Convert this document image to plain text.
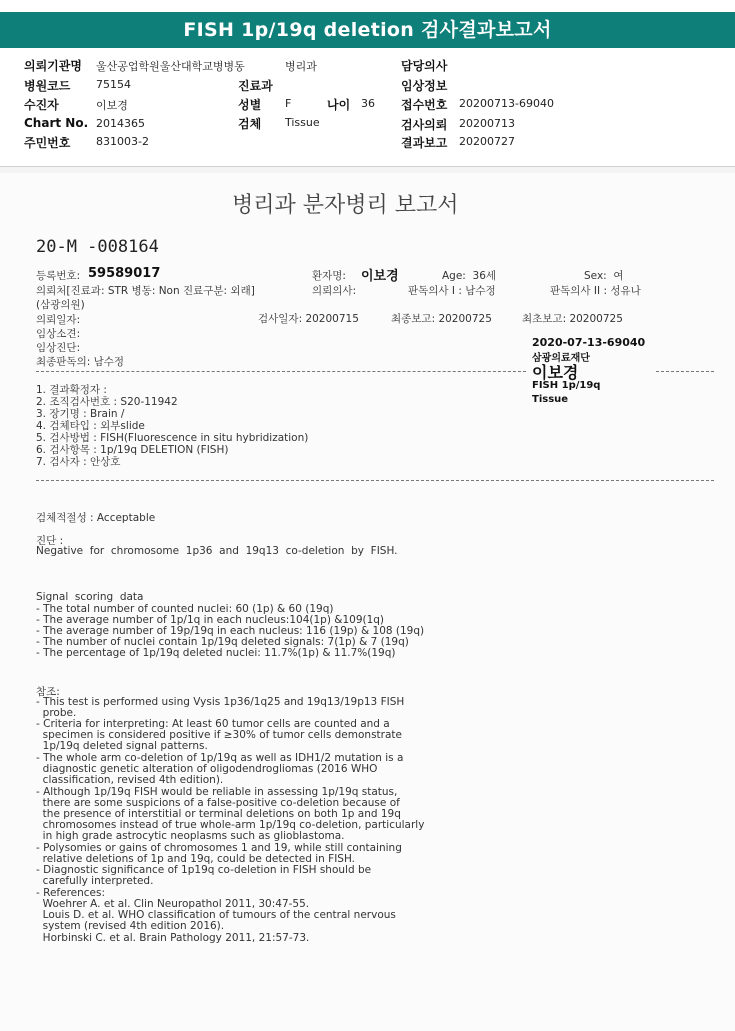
FISH 1p/19q deletion 검사결과보고서
의뢰기관명 울산공업학원울산대학교병병동	병리과	담당의사
병원코드 75154	진료과	임상정보
수진자	이보경	성별 F	나이 36 접수번호 20200713-69040
Chart No. 2014365	검체 Tissue	검사의뢰 20200713
주민번호 831003-2	결과보고 20200727
병리과 분자병리 보고서
20-M -008164
등록번호: 59589017	환자명: 이보경	Age:  36세	Sex:  여
의뢰처[진료과: STR 병동: Non 진료구분: 외래]	의뢰의사:	판독의사 I : 남수정	판독의사 II : 성유나
(삼광의원)
의뢰일자:	검사일자: 20200715	최종보고: 20200725	최초보고: 20200725
임상소견:
임상진단:
최종판독의: 남수정
2020-07-13-69040
삼광의료재단
이보경
FISH 1p/19q
Tissue
1. 결과확정자 :
2. 조직검사번호 : S20-11942
3. 장기명 : Brain /
4. 검체타입 : 외부slide
5. 검사방법 : FISH(Fluorescence in situ hybridization)
6. 검사항목 : 1p/19q DELETION (FISH)
7. 검사자 : 안상호
검체적절성 : Acceptable
진단 :
Negative  for  chromosome  1p36  and  19q13  co-deletion  by  FISH.
Signal  scoring  data
- The total number of counted nuclei: 60 (1p) & 60 (19q)
- The average number of 1p/1q in each nucleus:104(1p) &109(1q)
- The average number of 19p/19q in each nucleus: 116 (19p) & 108 (19q)
- The number of nuclei contain 1p/19q deleted signals: 7(1p) & 7 (19q)
- The percentage of 1p/19q deleted nuclei: 11.7%(1p) & 11.7%(19q)
참조:
- This test is performed using Vysis 1p36/1q25 and 19q13/19p13 FISH
probe.
- Criteria for interpreting: At least 60 tumor cells are counted and a
specimen is considered positive if ≥30% of tumor cells demonstrate
1p/19q deleted signal patterns.
- The whole arm co-deletion of 1p/19q as well as IDH1/2 mutation is a
diagnostic genetic alteration of oligodendrogliomas (2016 WHO
classification, revised 4th edition).
- Although 1p/19q FISH would be reliable in assessing 1p/19q status,
there are some suspicions of a false-positive co-deletion because of
the presence of interstitial or terminal deletions on both 1p and 19q
chromosomes instead of true whole-arm 1p/19q co-deletion, particularly
in high grade astrocytic neoplasms such as glioblastoma.
- Polysomies or gains of chromosomes 1 and 19, while still containing
relative deletions of 1p and 19q, could be detected in FISH.
- Diagnostic significance of 1p19q co-deletion in FISH should be
carefully interpreted.
- References:
Woehrer A. et al. Clin Neuropathol 2011, 30:47-55.
Louis D. et al. WHO classification of tumours of the central nervous
system (revised 4th edition 2016).
Horbinski C. et al. Brain Pathology 2011, 21:57-73.
